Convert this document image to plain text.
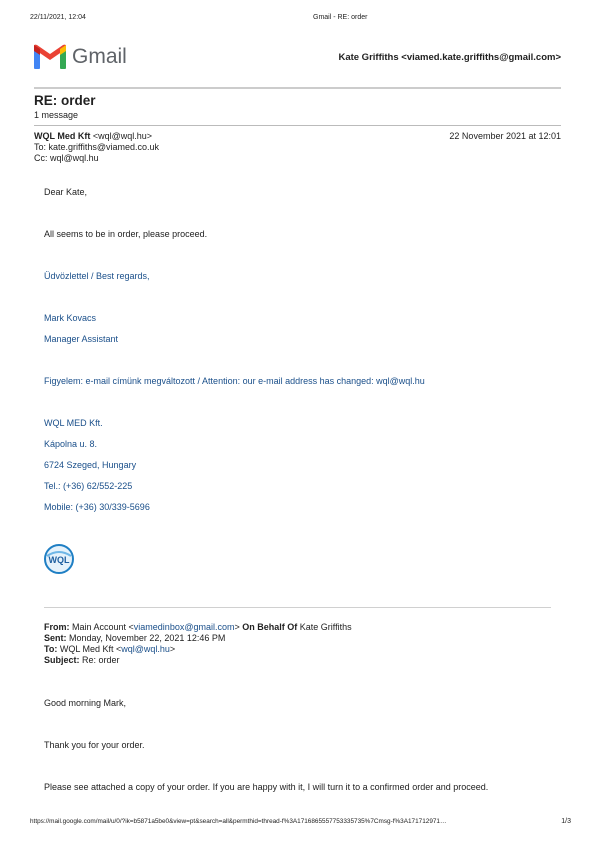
22/11/2021, 12:04	Gmail - RE: order
Gmail	Kate Griffiths <viamed.kate.griffiths@gmail.com>
RE: order
1 message
WQL Med Kft <wql@wql.hu>	22 November 2021 at 12:01
To: kate.griffiths@viamed.co.uk
Cc: wql@wql.hu
Dear Kate,
All seems to be in order, please proceed.
Üdvözlettel / Best regards,
Mark Kovacs
Manager Assistant
Figyelem: e-mail címünk megváltozott / Attention: our e-mail address has changed: wql@wql.hu
WQL MED Kft.
Kápolna u. 8.
6724 Szeged, Hungary
Tel.: (+36) 62/552-225
Mobile: (+36) 30/339-5696
WQL
From: Main Account <viamedinbox@gmail.com> On Behalf Of Kate Griffiths
Sent: Monday, November 22, 2021 12:46 PM
To: WQL Med Kft <wql@wql.hu>
Subject: Re: order
Good morning Mark,
Thank you for your order.
Please see attached a copy of your order. If you are happy with it, I will turn it to a confirmed order and proceed.
https://mail.google.com/mail/u/0/?ik=b5871a5be0&view=pt&search=all&permthid=thread-f%3A1716865557753335735%7Cmsg-f%3A171712971…	1/3
